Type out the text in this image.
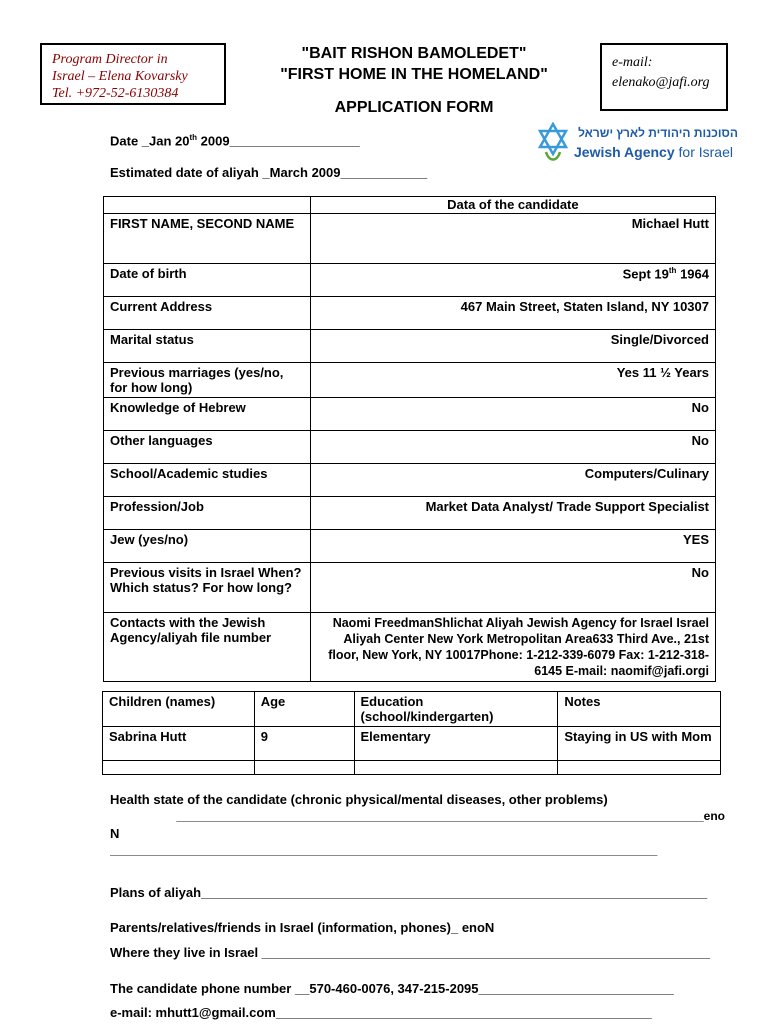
Program Director in
Israel – Elena Kovarsky
Tel. +972-52-6130384
e-mail:
elenako@jafi.org
"BAIT RISHON BAMOLEDET"
"FIRST HOME IN THE HOMELAND"
APPLICATION FORM
הסוכנות היהודית לארץ ישראל
Jewish Agency for Israel
Date _Jan 20th 2009__________________
Estimated date of aliyah _March 2009____________
	Data of the candidate
FIRST NAME, SECOND NAME	Michael Hutt
Date of birth	Sept 19th 1964
Current Address	467 Main Street, Staten Island, NY 10307
Marital status	Single/Divorced
Previous marriages (yes/no, for how long)	Yes 11 ½ Years
Knowledge of Hebrew	No
Other languages	No
School/Academic studies	Computers/Culinary
Profession/Job	Market Data Analyst/ Trade Support Specialist
Jew (yes/no)	YES
Previous visits in Israel When? Which status? For how long?	No
Contacts with the Jewish Agency/aliyah file number	Naomi FreedmanShlichat Aliyah Jewish Agency for Israel Israel Aliyah Center New York Metropolitan Area633 Third Ave., 21st floor, New York, NY 10017Phone: 1-212-339-6079 Fax: 1-212-318-6145 E-mail: naomif@jafi.orgi
Children (names)	Age	Education (school/kindergarten)	Notes
Sabrina Hutt	9	Elementary	Staying in US with Mom

Health state of the candidate (chronic physical/mental diseases, other problems)
_______________________________________________________________________________eno
N
__________________________________________________________________________________
Plans of aliyah______________________________________________________________________
Parents/relatives/friends in Israel (information, phones)_ enoN
Where they live in Israel ______________________________________________________________
The candidate phone number __570-460-0076, 347-215-2095___________________________
e-mail: mhutt1@gmail.com____________________________________________________
